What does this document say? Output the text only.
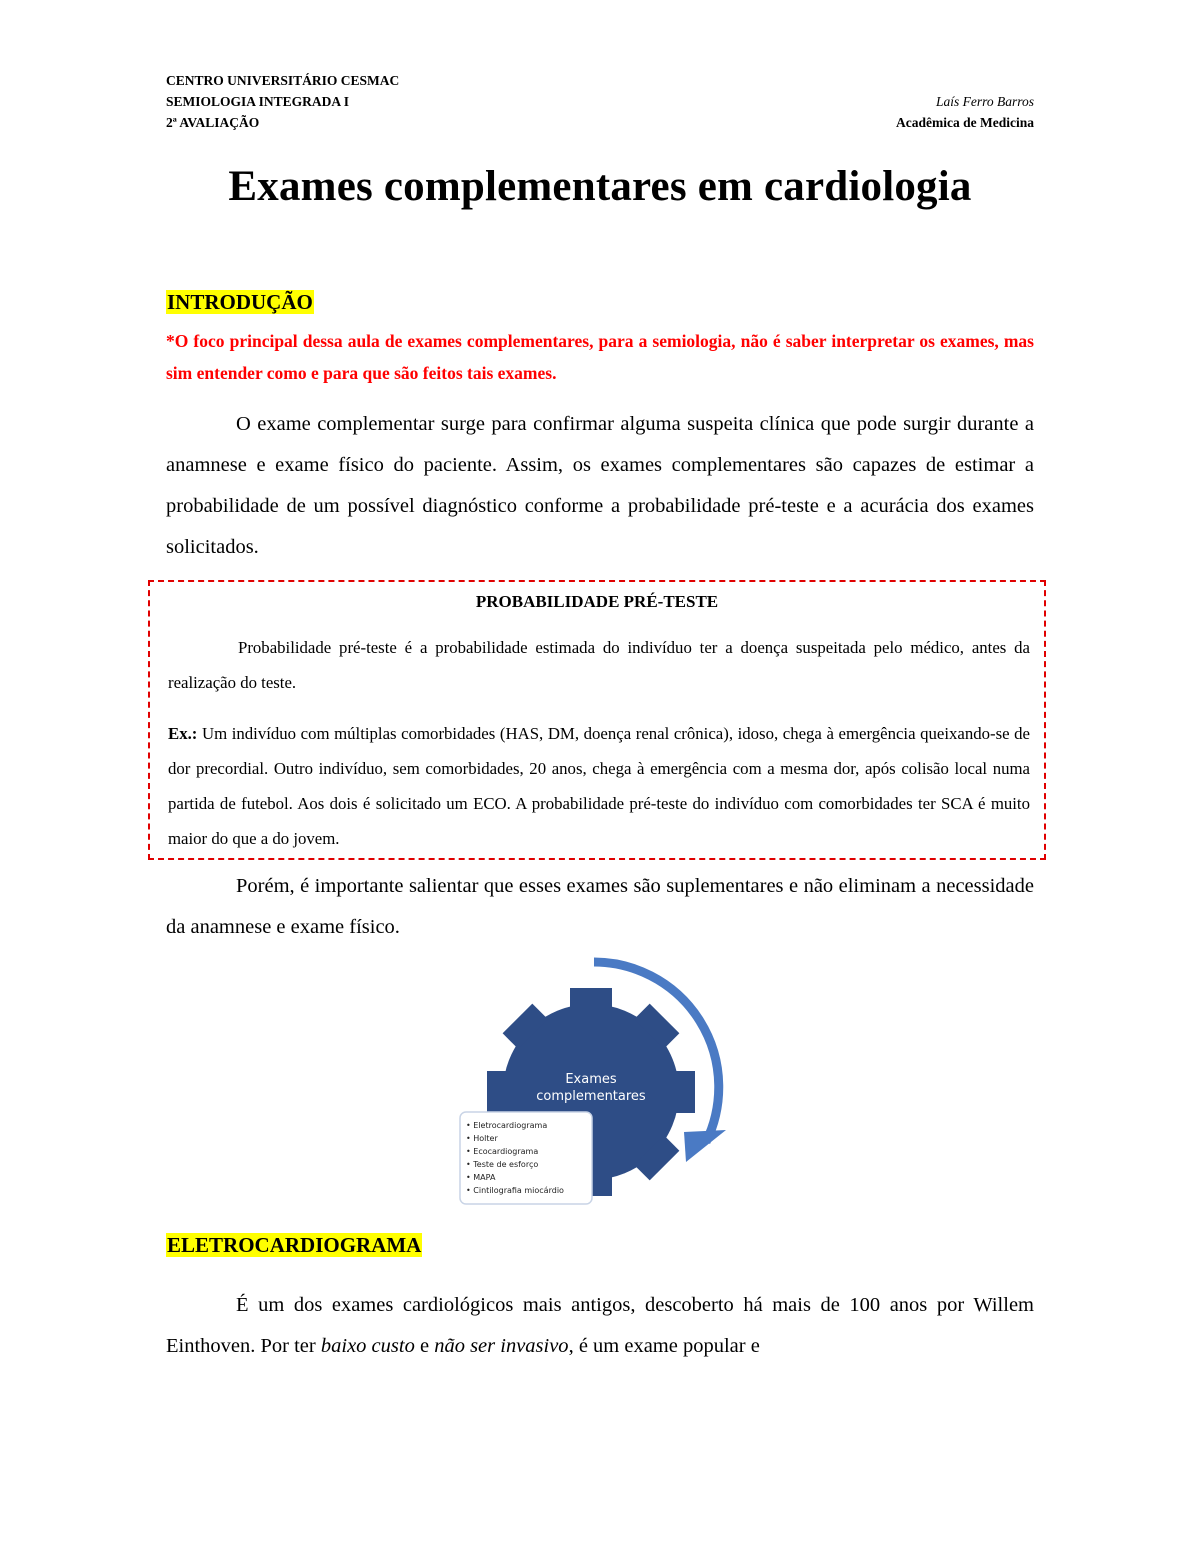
CENTRO UNIVERSITÁRIO CESMAC
SEMIOLOGIA INTEGRADA I	Laís Ferro Barros
2ª AVALIAÇÃO	Acadêmica de Medicina
Exames complementares em cardiologia
INTRODUÇÃO
*O foco principal dessa aula de exames complementares, para a semiologia, não é saber interpretar os exames, mas sim entender como e para que são feitos tais exames.
O exame complementar surge para confirmar alguma suspeita clínica que pode surgir durante a anamnese e exame físico do paciente. Assim, os exames complementares são capazes de estimar a probabilidade de um possível diagnóstico conforme a probabilidade pré-teste e a acurácia dos exames solicitados.
PROBABILIDADE PRÉ-TESTE
Probabilidade pré-teste é a probabilidade estimada do indivíduo ter a doença suspeitada pelo médico, antes da realização do teste.
Ex.: Um indivíduo com múltiplas comorbidades (HAS, DM, doença renal crônica), idoso, chega à emergência queixando-se de dor precordial. Outro indivíduo, sem comorbidades, 20 anos, chega à emergência com a mesma dor, após colisão local numa partida de futebol. Aos dois é solicitado um ECO. A probabilidade pré-teste do indivíduo com comorbidades ter SCA é muito maior do que a do jovem.
Porém, é importante salientar que esses exames são suplementares e não eliminam a necessidade da anamnese e exame físico.
Exames
complementares
• Eletrocardiograma
• Holter
• Ecocardiograma
• Teste de esforço
• MAPA
• Cintilografia miocárdio
ELETROCARDIOGRAMA
É um dos exames cardiológicos mais antigos, descoberto há mais de 100 anos por Willem Einthoven. Por ter baixo custo e não ser invasivo, é um exame popular e
